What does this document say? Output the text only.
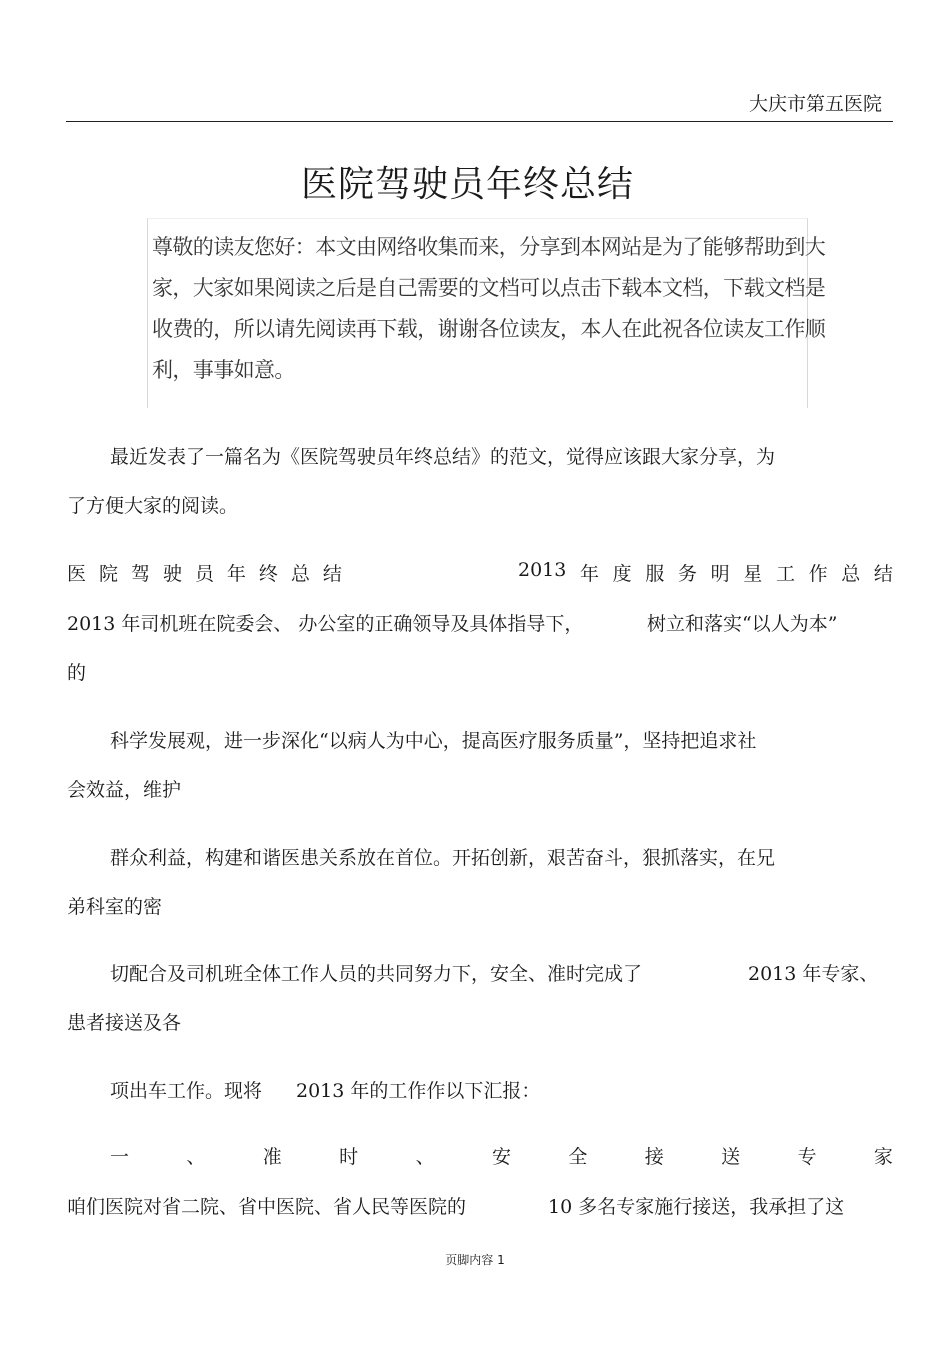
大庆市第五医院
医院驾驶员年终总结
尊敬的读友您好：本文由网络收集而来，分享到本网站是为了能够帮助到大
家，大家如果阅读之后是自己需要的文档可以点击下载本文档，下载文档是
收费的，所以请先阅读再下载，谢谢各位读友，本人在此祝各位读友工作顺
利，事事如意。
最近发表了一篇名为《医院驾驶员年终总结》的范文，觉得应该跟大家分享，为
了方便大家的阅读。
医 院 驾 驶 员 年 终 总 结	2013 年 度 服 务 明 星 工 作 总 结
2013 年司机班在院委会、 办公室的正确领导及具体指导下，	树立和落实“以人为本”
的
科学发展观，进一步深化“以病人为中心，提高医疗服务质量”，坚持把追求社
会效益，维护
群众利益，构建和谐医患关系放在首位。开拓创新，艰苦奋斗，狠抓落实，在兄
弟科室的密
切配合及司机班全体工作人员的共同努力下，安全、准时完成了	2013 年专家、
患者接送及各
项出车工作。现将 2013 年的工作作以下汇报：
一	、	准	时	、	安	全	接	送	专	家
咱们医院对省二院、省中医院、省人民等医院的	10 多名专家施行接送，我承担了这
页脚内容 1
